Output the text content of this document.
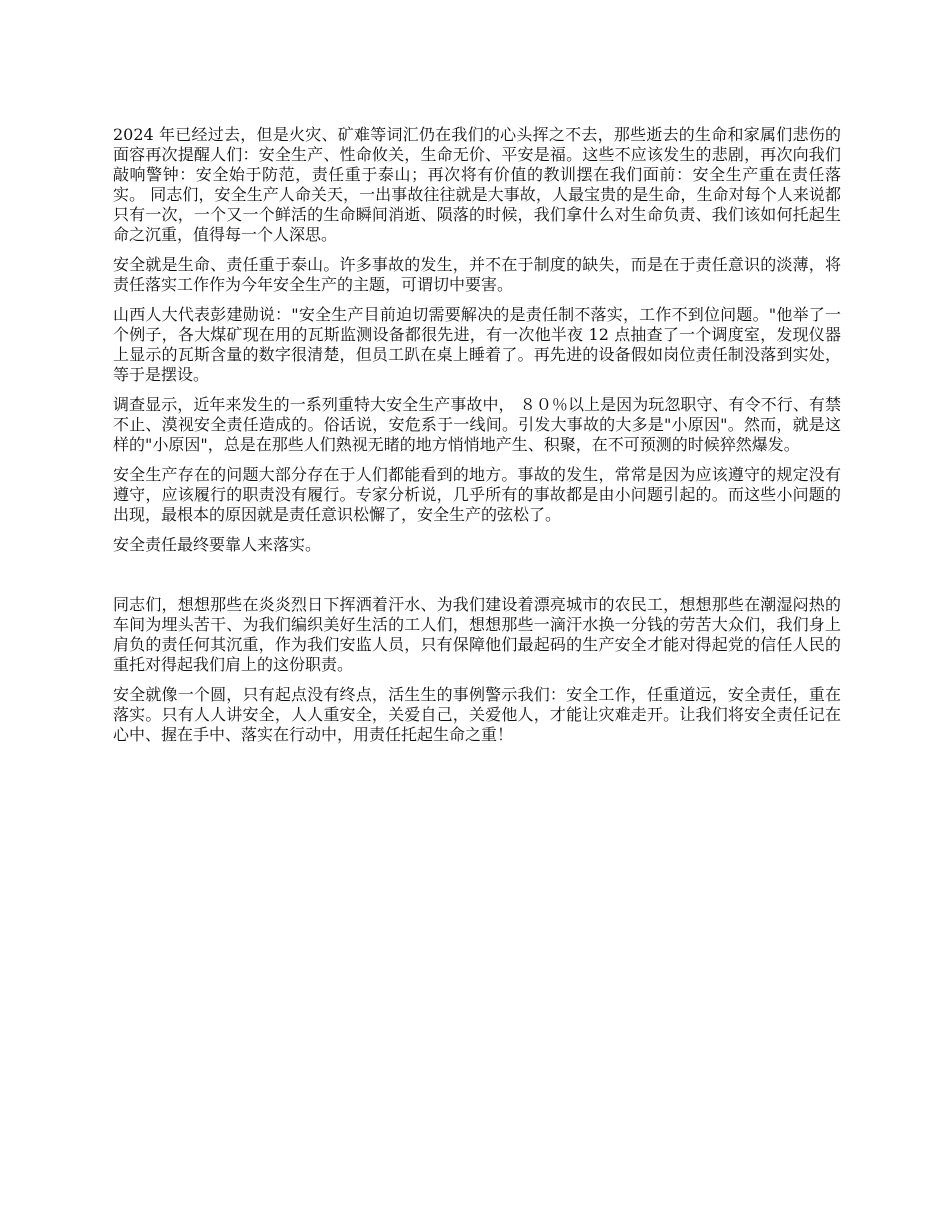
2024 年已经过去，但是火灾、矿难等词汇仍在我们的心头挥之不去，那些逝去的生命和家属们悲伤的面容再次提醒人们：安全生产、性命攸关，生命无价、平安是福。这些不应该发生的悲剧，再次向我们敲响警钟：安全始于防范，责任重于泰山；再次将有价值的教训摆在我们面前：安全生产重在责任落实。 同志们，安全生产人命关天，一出事故往往就是大事故，人最宝贵的是生命，生命对每个人来说都只有一次，一个又一个鲜活的生命瞬间消逝、陨落的时候，我们拿什么对生命负责、我们该如何托起生命之沉重，值得每一个人深思。

安全就是生命、责任重于泰山。许多事故的发生，并不在于制度的缺失，而是在于责任意识的淡薄，将责任落实工作作为今年安全生产的主题，可谓切中要害。

山西人大代表彭建勋说："安全生产目前迫切需要解决的是责任制不落实，工作不到位问题。"他举了一个例子，各大煤矿现在用的瓦斯监测设备都很先进，有一次他半夜 12 点抽查了一个调度室，发现仪器上显示的瓦斯含量的数字很清楚，但员工趴在桌上睡着了。再先进的设备假如岗位责任制没落到实处，等于是摆设。

调查显示，近年来发生的一系列重特大安全生产事故中， ８０％以上是因为玩忽职守、有令不行、有禁不止、漠视安全责任造成的。俗话说，安危系于一线间。引发大事故的大多是"小原因"。然而，就是这样的"小原因"，总是在那些人们熟视无睹的地方悄悄地产生、积聚，在不可预测的时候猝然爆发。

安全生产存在的问题大部分存在于人们都能看到的地方。事故的发生，常常是因为应该遵守的规定没有遵守，应该履行的职责没有履行。专家分析说，几乎所有的事故都是由小问题引起的。而这些小问题的出现，最根本的原因就是责任意识松懈了，安全生产的弦松了。

安全责任最终要靠人来落实。

同志们，想想那些在炎炎烈日下挥洒着汗水、为我们建设着漂亮城市的农民工，想想那些在潮湿闷热的车间为埋头苦干、为我们编织美好生活的工人们，想想那些一滴汗水换一分钱的劳苦大众们，我们身上肩负的责任何其沉重，作为我们安监人员，只有保障他们最起码的生产安全才能对得起党的信任人民的重托对得起我们肩上的这份职责。

安全就像一个圆，只有起点没有终点，活生生的事例警示我们：安全工作，任重道远，安全责任，重在落实。只有人人讲安全，人人重安全，关爱自己，关爱他人，才能让灾难走开。让我们将安全责任记在心中、握在手中、落实在行动中，用责任托起生命之重！
